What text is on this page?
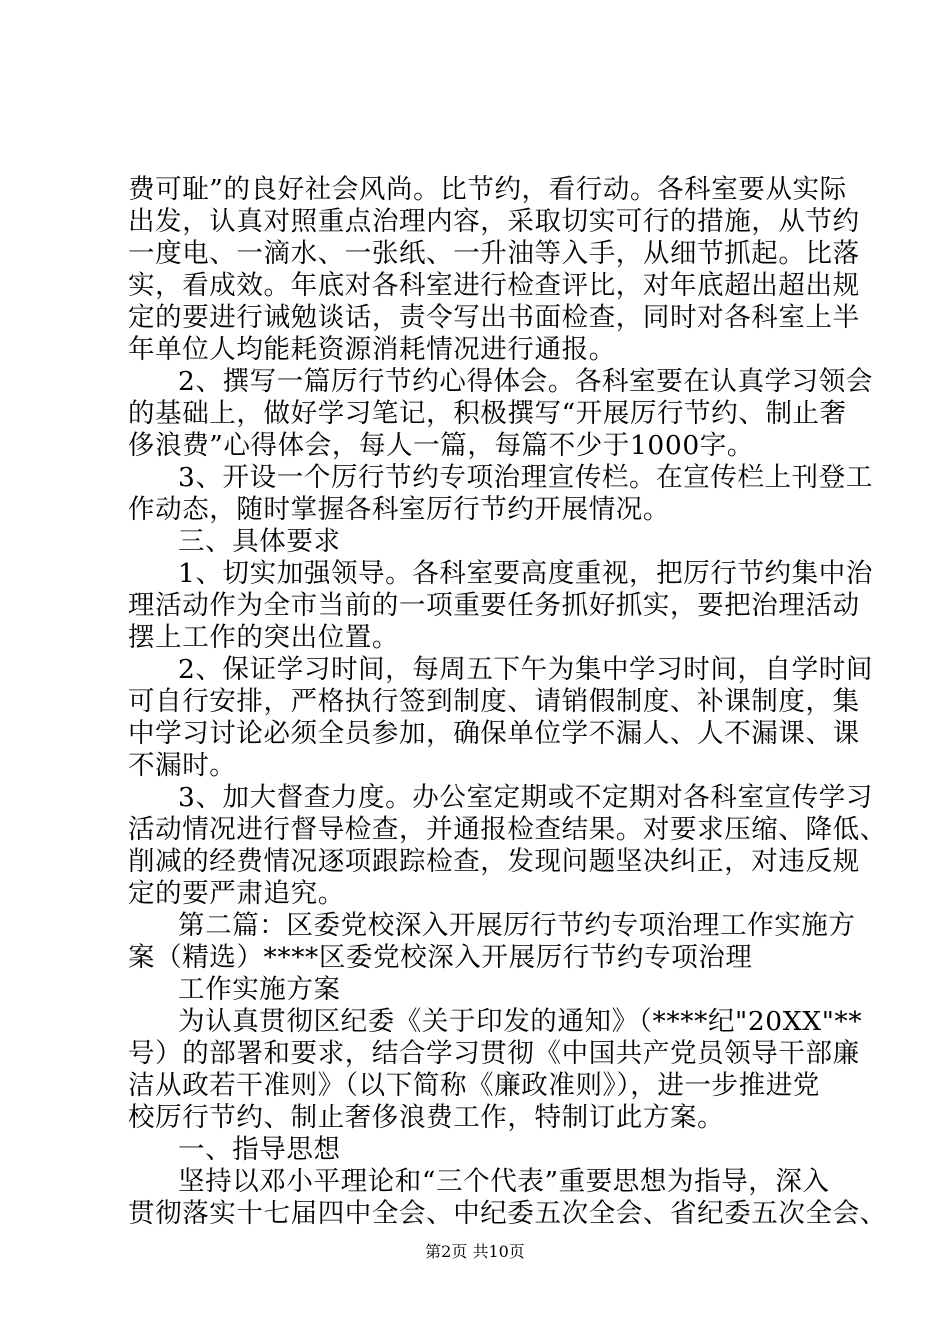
费可耻”的良好社会风尚。比节约，看行动。各科室要从实际
出发，认真对照重点治理内容，采取切实可行的措施，从节约
一度电、一滴水、一张纸、一升油等入手，从细节抓起。比落
实，看成效。年底对各科室进行检查评比，对年底超出超出规
定的要进行诫勉谈话，责令写出书面检查，同时对各科室上半
年单位人均能耗资源消耗情况进行通报。
2、撰写一篇厉行节约心得体会。各科室要在认真学习领会
的基础上，做好学习笔记，积极撰写“开展厉行节约、制止奢
侈浪费”心得体会，每人一篇，每篇不少于1000字。
3、开设一个厉行节约专项治理宣传栏。在宣传栏上刊登工
作动态，随时掌握各科室厉行节约开展情况。
三、具体要求
1、切实加强领导。各科室要高度重视，把厉行节约集中治
理活动作为全市当前的一项重要任务抓好抓实，要把治理活动
摆上工作的突出位置。
2、保证学习时间，每周五下午为集中学习时间，自学时间
可自行安排，严格执行签到制度、请销假制度、补课制度，集
中学习讨论必须全员参加，确保单位学不漏人、人不漏课、课
不漏时。
3、加大督查力度。办公室定期或不定期对各科室宣传学习
活动情况进行督导检查，并通报检查结果。对要求压缩、降低、
削减的经费情况逐项跟踪检查，发现问题坚决纠正，对违反规
定的要严肃追究。
第二篇：区委党校深入开展厉行节约专项治理工作实施方
案（精选）****区委党校深入开展厉行节约专项治理
工作实施方案
为认真贯彻区纪委《关于印发的通知》（****纪"20XX"**
号）的部署和要求，结合学习贯彻《中国共产党员领导干部廉
洁从政若干准则》（以下简称《廉政准则》），进一步推进党
校厉行节约、制止奢侈浪费工作，特制订此方案。
一、指导思想
坚持以邓小平理论和“三个代表”重要思想为指导，深入
贯彻落实十七届四中全会、中纪委五次全会、省纪委五次全会、
第2页 共10页
